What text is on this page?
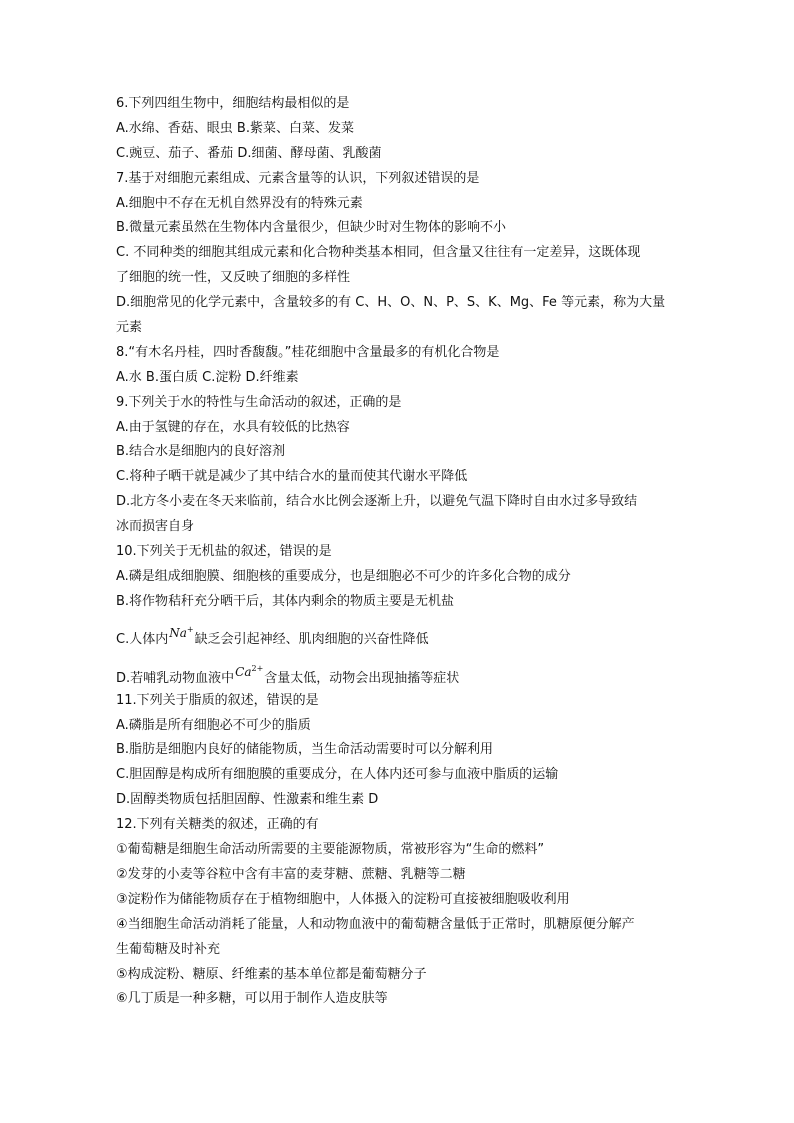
6.下列四组生物中，细胞结构最相似的是
A.水绵、香菇、眼虫 B.紫菜、白菜、发菜
C.豌豆、茄子、番茄 D.细菌、酵母菌、乳酸菌
7.基于对细胞元素组成、元素含量等的认识，下列叙述错误的是
A.细胞中不存在无机自然界没有的特殊元素
B.微量元素虽然在生物体内含量很少，但缺少时对生物体的影响不小
C. 不同种类的细胞其组成元素和化合物种类基本相同，但含量又往往有一定差异，这既体现
了细胞的统一性，又反映了细胞的多样性
D.细胞常见的化学元素中，含量较多的有 C、H、O、N、P、S、K、Mg、Fe 等元素，称为大量
元素
8.“有木名丹桂，四时香馥馥。”桂花细胞中含量最多的有机化合物是
A.水 B.蛋白质 C.淀粉 D.纤维素
9.下列关于水的特性与生命活动的叙述，正确的是
A.由于氢键的存在，水具有较低的比热容
B.结合水是细胞内的良好溶剂
C.将种子晒干就是减少了其中结合水的量而使其代谢水平降低
D.北方冬小麦在冬天来临前，结合水比例会逐渐上升，以避免气温下降时自由水过多导致结
冰而损害自身
10.下列关于无机盐的叙述，错误的是
A.磷是组成细胞膜、细胞核的重要成分，也是细胞必不可少的许多化合物的成分
B.将作物秸秆充分晒干后，其体内剩余的物质主要是无机盐
C.人体内Na+缺乏会引起神经、肌肉细胞的兴奋性降低
D.若哺乳动物血液中$Ca^{2+}$含量太低，动物会出现抽搐等症状
11.下列关于脂质的叙述，错误的是
A.磷脂是所有细胞必不可少的脂质
B.脂肪是细胞内良好的储能物质，当生命活动需要时可以分解利用
C.胆固醇是构成所有细胞膜的重要成分，在人体内还可参与血液中脂质的运输
D.固醇类物质包括胆固醇、性激素和维生素 D
12.下列有关糖类的叙述，正确的有
①葡萄糖是细胞生命活动所需要的主要能源物质，常被形容为“生命的燃料”
②发芽的小麦等谷粒中含有丰富的麦芽糖、蔗糖、乳糖等二糖
③淀粉作为储能物质存在于植物细胞中，人体摄入的淀粉可直接被细胞吸收利用
④当细胞生命活动消耗了能量，人和动物血液中的葡萄糖含量低于正常时，肌糖原便分解产
生葡萄糖及时补充
⑤构成淀粉、糖原、纤维素的基本单位都是葡萄糖分子
⑥几丁质是一种多糖，可以用于制作人造皮肤等
